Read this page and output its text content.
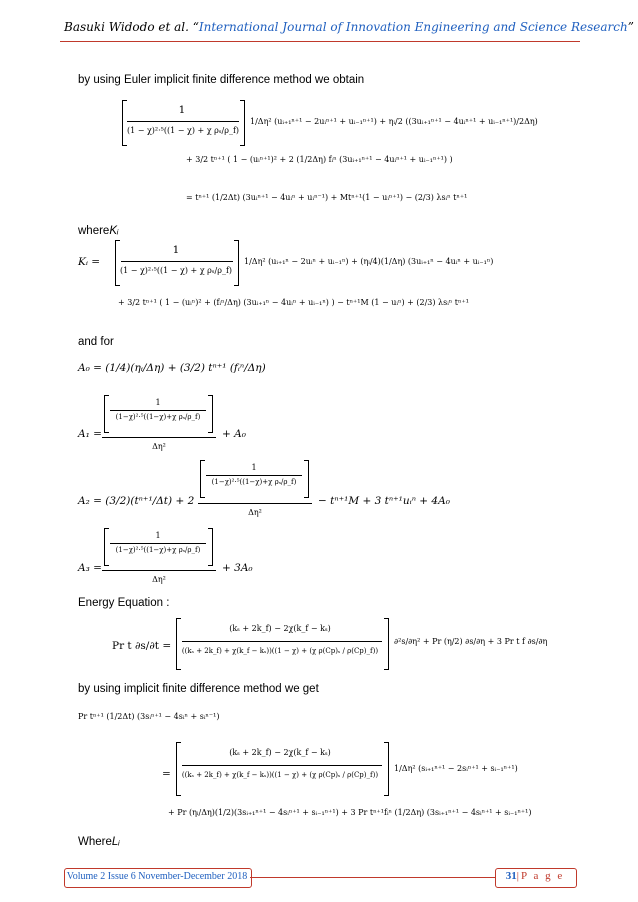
Basuki Widodo et al. “International Journal of Innovation Engineering and Science Research”
by using Euler implicit finite difference method we obtain
1
(1 − χ)²·⁵((1 − χ) + χ ρₛ/ρ_f)
1/Δη² (uᵢ₊₁ⁿ⁺¹ − 2uᵢⁿ⁺¹ + uᵢ₋₁ⁿ⁺¹) + ηᵢ/2 ((3uᵢ₊₁ⁿ⁺¹ − 4uᵢⁿ⁺¹ + uᵢ₋₁ⁿ⁺¹)/2Δη)
+ 3/2 tⁿ⁺¹ ( 1 − (uᵢⁿ⁺¹)² + 2 (1/2Δη) fᵢⁿ (3uᵢ₊₁ⁿ⁺¹ − 4uᵢⁿ⁺¹ + uᵢ₋₁ⁿ⁺¹) )
= tⁿ⁺¹ (1/2Δt) (3uᵢⁿ⁺¹ − 4uᵢⁿ + uᵢⁿ⁻¹) + Mtⁿ⁺¹(1 − uᵢⁿ⁺¹) − (2/3) λsᵢⁿ tⁿ⁺¹
whereKᵢ
Kᵢ =
1
(1 − χ)²·⁵((1 − χ) + χ ρₛ/ρ_f)
1/Δη² (uᵢ₊₁ⁿ − 2uᵢⁿ + uᵢ₋₁ⁿ) + (ηᵢ/4)(1/Δη) (3uᵢ₊₁ⁿ − 4uᵢⁿ + uᵢ₋₁ⁿ)
+ 3/2 tⁿ⁺¹ ( 1 − (uᵢⁿ)² + (fᵢⁿ/Δη) (3uᵢ₊₁ⁿ − 4uᵢⁿ + uᵢ₋₁ⁿ) ) − tⁿ⁺¹M (1 − uᵢⁿ) + (2/3) λsᵢⁿ tⁿ⁺¹
and for
A₀ = (1/4)(ηᵢ/Δη) + (3/2) tⁿ⁺¹ (fᵢⁿ/Δη)
A₁ =
1
(1−χ)²·⁵((1−χ)+χ ρₛ/ρ_f)
Δη²
+ A₀
A₂ = (3/2)(tⁿ⁺¹/Δt) + 2
1
(1−χ)²·⁵((1−χ)+χ ρₛ/ρ_f)
Δη²
− tⁿ⁺¹M + 3 tⁿ⁺¹uᵢⁿ + 4A₀
A₃ =
1
(1−χ)²·⁵((1−χ)+χ ρₛ/ρ_f)
Δη²
+ 3A₀
Energy Equation :
Pr t ∂s/∂t =
(kₛ + 2k_f) − 2χ(k_f − kₛ)
((kₛ + 2k_f) + χ(k_f − kₛ))((1 − χ) + (χ ρ(Cp)ₛ / ρ(Cp)_f))
∂²s/∂η² + Pr (η/2) ∂s/∂η + 3 Pr t f ∂s/∂η
by using implicit finite difference method we get
Pr tⁿ⁺¹ (1/2Δt) (3sᵢⁿ⁺¹ − 4sᵢⁿ + sᵢⁿ⁻¹)
=
(kₛ + 2k_f) − 2χ(k_f − kₛ)
((kₛ + 2k_f) + χ(k_f − kₛ))((1 − χ) + (χ ρ(Cp)ₛ / ρ(Cp)_f))
1/Δη² (sᵢ₊₁ⁿ⁺¹ − 2sᵢⁿ⁺¹ + sᵢ₋₁ⁿ⁺¹)
+ Pr (ηᵢ/Δη)(1/2)(3sᵢ₊₁ⁿ⁺¹ − 4sᵢⁿ⁺¹ + sᵢ₋₁ⁿ⁺¹) + 3 Pr tⁿ⁺¹fᵢⁿ (1/2Δη) (3sᵢ₊₁ⁿ⁺¹ − 4sᵢⁿ⁺¹ + sᵢ₋₁ⁿ⁺¹)
WhereLᵢ
Volume 2 Issue 6 November-December 2018	31|P a g e
